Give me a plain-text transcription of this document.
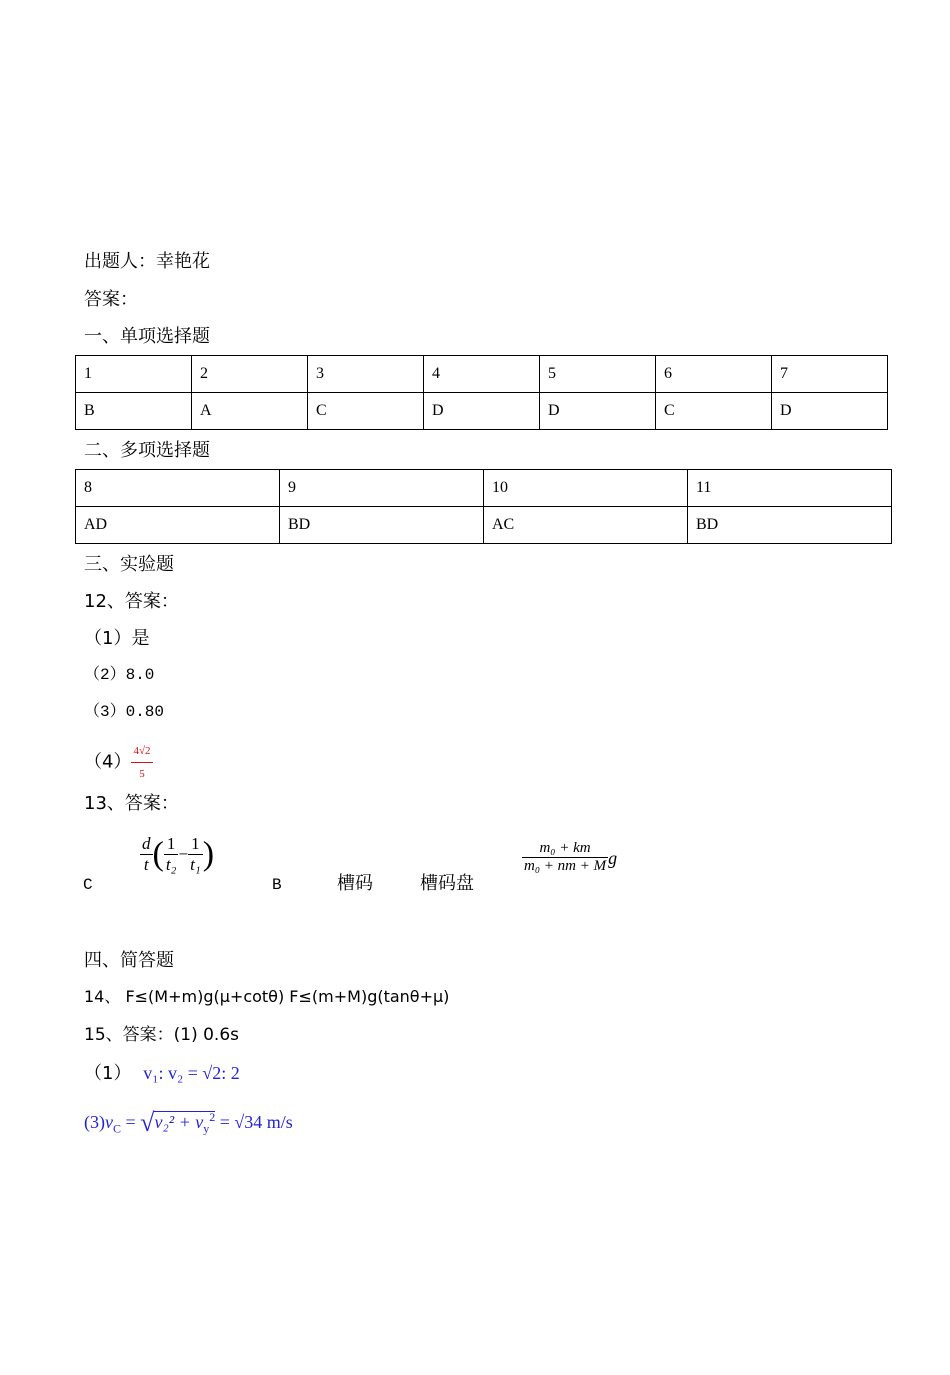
出题人：幸艳花
答案：
一、单项选择题
1	2	3	4	5	6	7
B	A	C	D	D	C	D
二、多项选择题
8	9	10	11
AD	BD	AC	BD
三、实验题
12、答案：
（1）是
（2）8.0
（3）0.80
$(4) \frac{4√2}{5}$
13、答案：
C
$\frac{d}{t}$ ( $\frac{1}{\text{t₂}} - \frac{1}{\text{t₁}}$ )
B	槽码	槽码盘
$\frac{\text{m₀ + km}}{\text{m₀ + nm + M}}$ g
四、简答题
14、 F≤(M+m)g(μ+cotθ) F≤(m+M)g(tanθ+μ)
15、答案：(1) 0.6s
（1） v₁: v₂ = √2: 2
$(3)v_C = √v_2^2 + v_y^2 = √34$ m/s
